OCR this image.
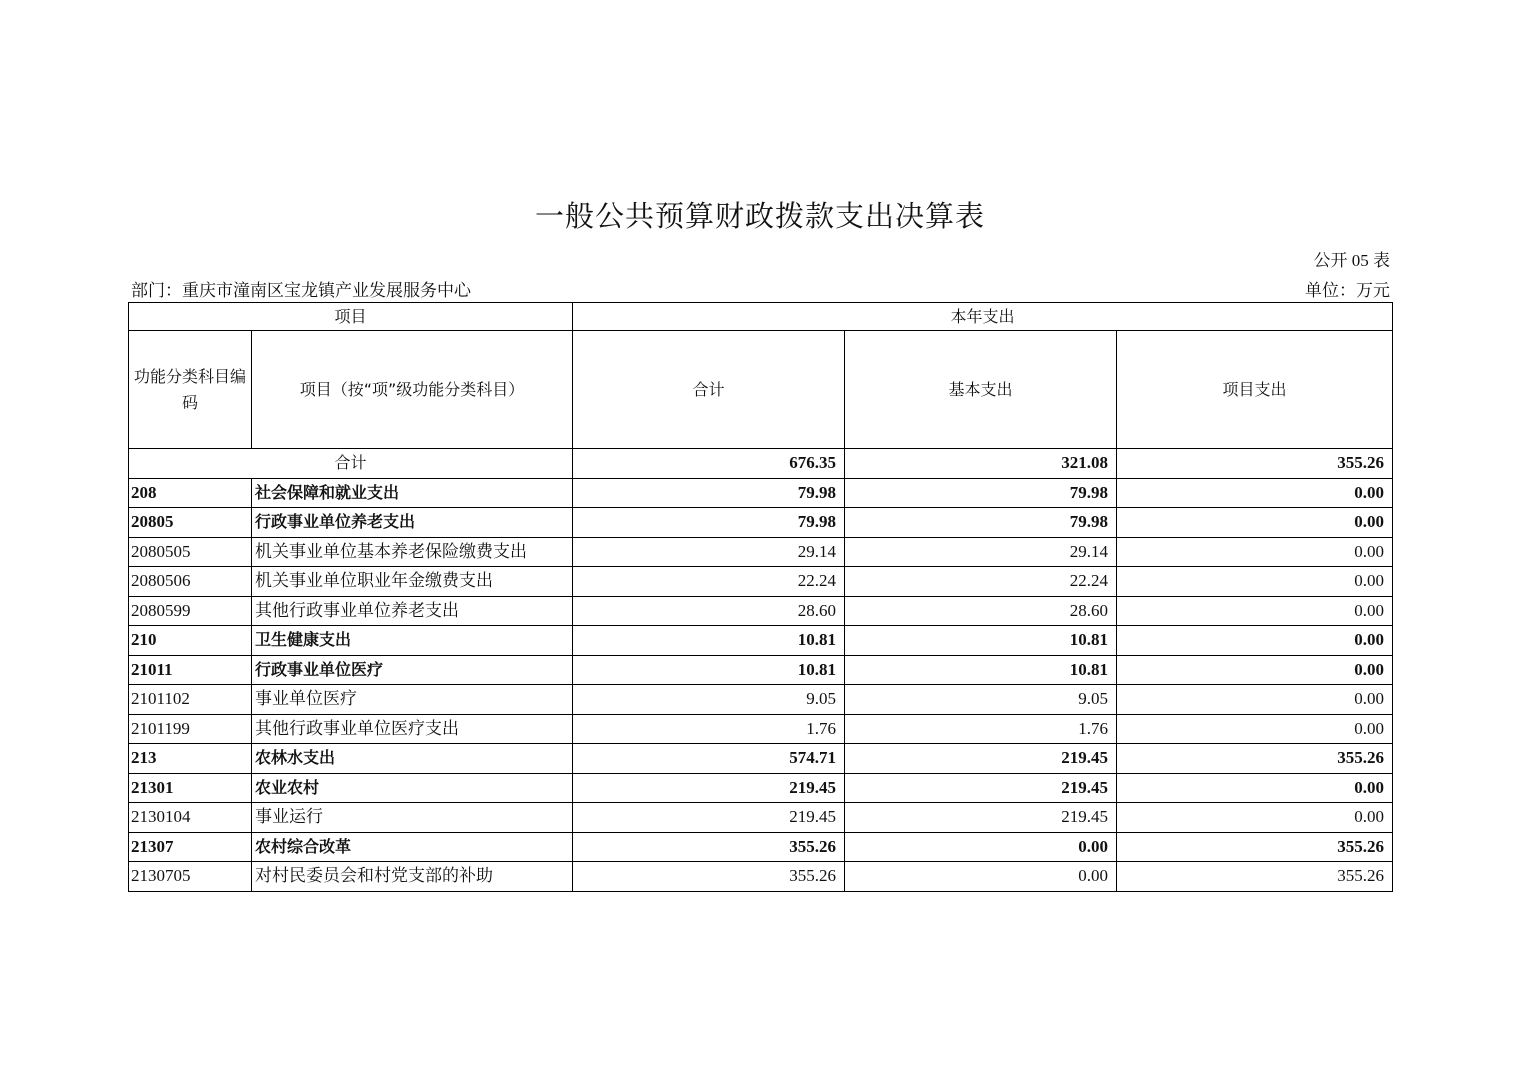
一般公共预算财政拨款支出决算表
公开 05 表
部门：重庆市潼南区宝龙镇产业发展服务中心	单位：万元
项目		本年支出		
功能分类科目编码	项目（按“项”级功能分类科目）	合计	基本支出	项目支出
合计		676.35	321.08	355.26
208	社会保障和就业支出	79.98	79.98	0.00
20805	行政事业单位养老支出	79.98	79.98	0.00
2080505	机关事业单位基本养老保险缴费支出	29.14	29.14	0.00
2080506	机关事业单位职业年金缴费支出	22.24	22.24	0.00
2080599	其他行政事业单位养老支出	28.60	28.60	0.00
210	卫生健康支出	10.81	10.81	0.00
21011	行政事业单位医疗	10.81	10.81	0.00
2101102	事业单位医疗	9.05	9.05	0.00
2101199	其他行政事业单位医疗支出	1.76	1.76	0.00
213	农林水支出	574.71	219.45	355.26
21301	农业农村	219.45	219.45	0.00
2130104	事业运行	219.45	219.45	0.00
21307	农村综合改革	355.26	0.00	355.26
2130705	对村民委员会和村党支部的补助	355.26	0.00	355.26
